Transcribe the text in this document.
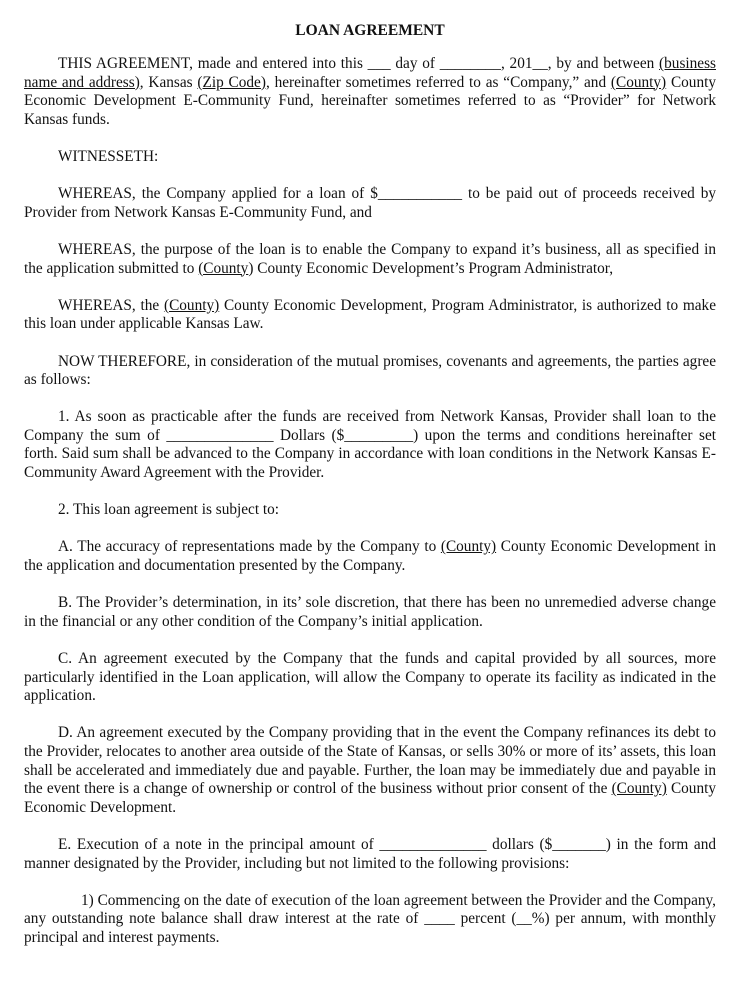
LOAN AGREEMENT

THIS AGREEMENT, made and entered into this ___ day of ________, 201__, by and between (business name and address), Kansas (Zip Code), hereinafter sometimes referred to as “Company,” and (County) County Economic Development E-Community Fund, hereinafter sometimes referred to as “Provider” for Network Kansas funds.

WITNESSETH:

WHEREAS, the Company applied for a loan of $___________ to be paid out of proceeds received by Provider from Network Kansas E-Community Fund, and

WHEREAS, the purpose of the loan is to enable the Company to expand it’s business, all as specified in the application submitted to (County) County Economic Development’s Program Administrator,

WHEREAS, the (County) County Economic Development, Program Administrator, is authorized to make this loan under applicable Kansas Law.

NOW THEREFORE, in consideration of the mutual promises, covenants and agreements, the parties agree as follows:

1. As soon as practicable after the funds are received from Network Kansas, Provider shall loan to the Company the sum of ______________ Dollars ($_________) upon the terms and conditions hereinafter set forth. Said sum shall be advanced to the Company in accordance with loan conditions in the Network Kansas E-Community Award Agreement with the Provider.

2. This loan agreement is subject to:

A. The accuracy of representations made by the Company to (County) County Economic Development in the application and documentation presented by the Company.

B. The Provider’s determination, in its’ sole discretion, that there has been no unremedied adverse change in the financial or any other condition of the Company’s initial application.

C. An agreement executed by the Company that the funds and capital provided by all sources, more particularly identified in the Loan application, will allow the Company to operate its facility as indicated in the application.

D. An agreement executed by the Company providing that in the event the Company refinances its debt to the Provider, relocates to another area outside of the State of Kansas, or sells 30% or more of its’ assets, this loan shall be accelerated and immediately due and payable. Further, the loan may be immediately due and payable in the event there is a change of ownership or control of the business without prior consent of the (County) County Economic Development.

E. Execution of a note in the principal amount of ______________ dollars ($_______) in the form and manner designated by the Provider, including but not limited to the following provisions:

1) Commencing on the date of execution of the loan agreement between the Provider and the Company, any outstanding note balance shall draw interest at the rate of ____ percent (__%) per annum, with monthly principal and interest payments.
